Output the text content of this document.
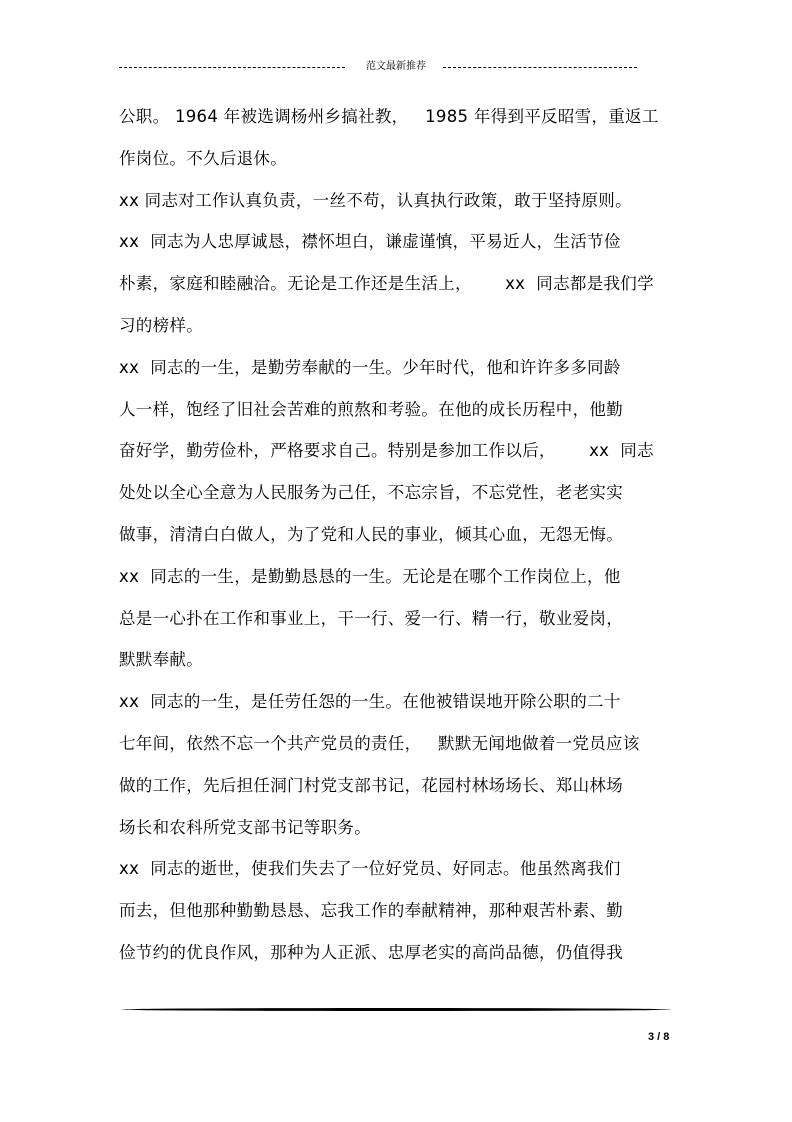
范文最新推荐
公职。 1964 年被选调杨州乡搞社教，   1985 年得到平反昭雪，重返工
作岗位。不久后退休。
xx 同志对工作认真负责，一丝不苟，认真执行政策，敢于坚持原则。
xx  同志为人忠厚诚恳，襟怀坦白，谦虚谨慎，平易近人，生活节俭
朴素，家庭和睦融洽。无论是工作还是生活上，      xx  同志都是我们学
习的榜样。
xx  同志的一生，是勤劳奉献的一生。少年时代，他和许许多多同龄
人一样，饱经了旧社会苦难的煎熬和考验。在他的成长历程中，他勤
奋好学，勤劳俭朴，严格要求自己。特别是参加工作以后，      xx  同志
处处以全心全意为人民服务为己任，不忘宗旨，不忘党性，老老实实
做事，清清白白做人，为了党和人民的事业，倾其心血，无怨无悔。
xx  同志的一生，是勤勤恳恳的一生。无论是在哪个工作岗位上，他
总是一心扑在工作和事业上，干一行、爱一行、精一行，敬业爱岗，
默默奉献。
xx  同志的一生，是任劳任怨的一生。在他被错误地开除公职的二十
七年间，依然不忘一个共产党员的责任，   默默无闻地做着一党员应该
做的工作，先后担任洞门村党支部书记，花园村林场场长、郑山林场
场长和农科所党支部书记等职务。
xx  同志的逝世，使我们失去了一位好党员、好同志。他虽然离我们
而去，但他那种勤勤恳恳、忘我工作的奉献精神，那种艰苦朴素、勤
俭节约的优良作风，那种为人正派、忠厚老实的高尚品德，仍值得我
3 / 8
